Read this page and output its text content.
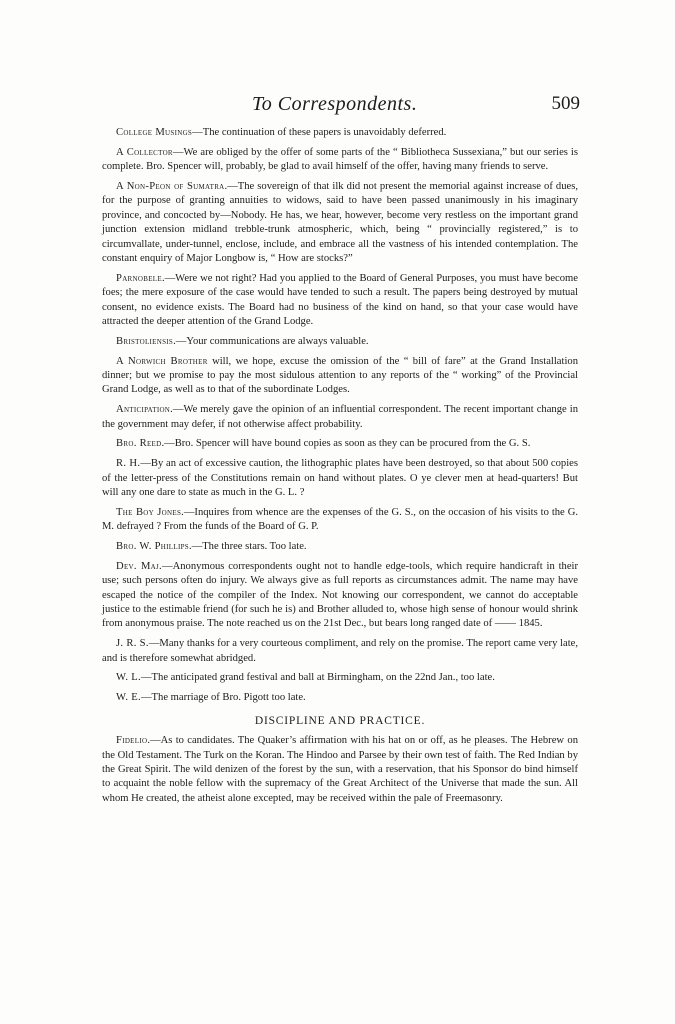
To Correspondents.	509

College Musings—The continuation of these papers is unavoidably deferred.

A Collector—We are obliged by the offer of some parts of the “ Bibliotheca Sussexiana,” but our series is complete. Bro. Spencer will, probably, be glad to avail himself of the offer, having many friends to serve.

A Non-Peon of Sumatra.—The sovereign of that ilk did not present the memorial against increase of dues, for the purpose of granting annuities to widows, said to have been passed unanimously in his imaginary province, and concocted by—Nobody. He has, we hear, however, become very restless on the important grand junction extension midland trebble-trunk atmospheric, which, being “ provincially registered,” is to circumvallate, under-tunnel, enclose, include, and embrace all the vastness of his intended contemplation. The constant enquiry of Major Longbow is, “ How are stocks?”

Parnobele.—Were we not right? Had you applied to the Board of General Purposes, you must have become foes; the mere exposure of the case would have tended to such a result. The papers being destroyed by mutual consent, no evidence exists. The Board had no business of the kind on hand, so that your case would have attracted the deeper attention of the Grand Lodge.

Bristoliensis.—Your communications are always valuable.

A Norwich Brother will, we hope, excuse the omission of the “ bill of fare” at the Grand Installation dinner; but we promise to pay the most sidulous attention to any reports of the “ working” of the Provincial Grand Lodge, as well as to that of the subordinate Lodges.

Anticipation.—We merely gave the opinion of an influential correspondent. The recent important change in the government may defer, if not otherwise affect probability.

Bro. Reed.—Bro. Spencer will have bound copies as soon as they can be procured from the G. S.

R. H.—By an act of excessive caution, the lithographic plates have been destroyed, so that about 500 copies of the letter-press of the Constitutions remain on hand without plates. O ye clever men at head-quarters! But will any one dare to state as much in the G. L. ?

The Boy Jones.—Inquires from whence are the expenses of the G. S., on the occasion of his visits to the G. M. defrayed ? From the funds of the Board of G. P.

Bro. W. Phillips.—The three stars. Too late.

Dev. Maj.—Anonymous correspondents ought not to handle edge-tools, which require handicraft in their use; such persons often do injury. We always give as full reports as circumstances admit. The name may have escaped the notice of the compiler of the Index. Not knowing our correspondent, we cannot do acceptable justice to the estimable friend (for such he is) and Brother alluded to, whose high sense of honour would shrink from anonymous praise. The note reached us on the 21st Dec., but bears long ranged date of —— 1845.

J. R. S.—Many thanks for a very courteous compliment, and rely on the promise. The report came very late, and is therefore somewhat abridged.

W. L.—The anticipated grand festival and ball at Birmingham, on the 22nd Jan., too late.

W. E.—The marriage of Bro. Pigott too late.

DISCIPLINE AND PRACTICE.

Fidelio.—As to candidates. The Quaker’s affirmation with his hat on or off, as he pleases. The Hebrew on the Old Testament. The Turk on the Koran. The Hindoo and Parsee by their own test of faith. The Red Indian by the Great Spirit. The wild denizen of the forest by the sun, with a reservation, that his Sponsor do bind himself to acquaint the noble fellow with the supremacy of the Great Architect of the Universe that made the sun. All whom He created, the atheist alone excepted, may be received within the pale of Freemasonry.
